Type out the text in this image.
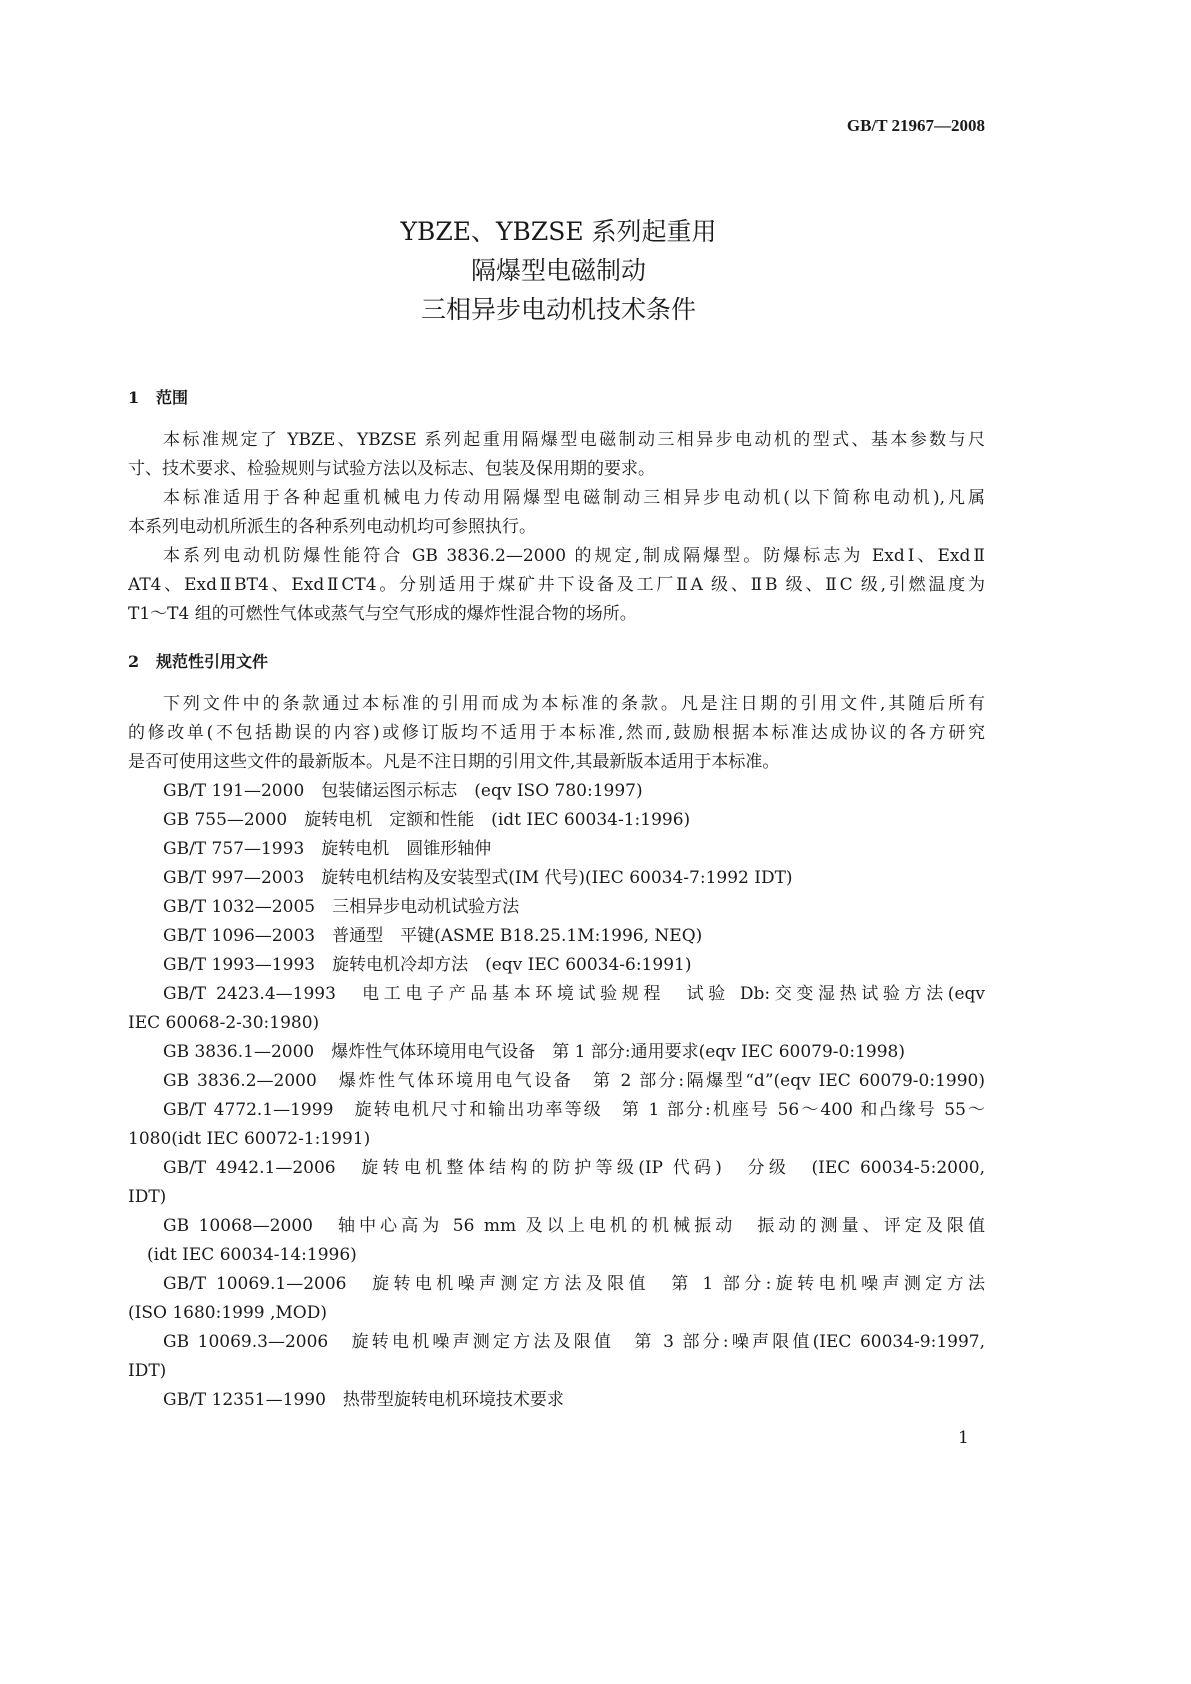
GB/T 21967—2008
YBZE、YBZSE 系列起重用
隔爆型电磁制动
三相异步电动机技术条件
1 范围
本标准规定了 YBZE、YBZSE 系列起重用隔爆型电磁制动三相异步电动机的型式、基本参数与尺
寸、技术要求、检验规则与试验方法以及标志、包装及保用期的要求。
本标准适用于各种起重机械电力传动用隔爆型电磁制动三相异步电动机(以下简称电动机),凡属
本系列电动机所派生的各种系列电动机均可参照执行。
本系列电动机防爆性能符合 GB 3836.2—2000 的规定,制成隔爆型。防爆标志为 ExdⅠ、ExdⅡ
AT4、ExdⅡBT4、ExdⅡCT4。分别适用于煤矿井下设备及工厂ⅡA 级、ⅡB 级、ⅡC 级,引燃温度为
T1～T4 组的可燃性气体或蒸气与空气形成的爆炸性混合物的场所。
2 规范性引用文件
下列文件中的条款通过本标准的引用而成为本标准的条款。凡是注日期的引用文件,其随后所有
的修改单(不包括勘误的内容)或修订版均不适用于本标准,然而,鼓励根据本标准达成协议的各方研究
是否可使用这些文件的最新版本。凡是不注日期的引用文件,其最新版本适用于本标准。
GB/T 191—2000　包装储运图示标志　(eqv ISO 780:1997)
GB 755—2000　旋转电机　定额和性能　(idt IEC 60034-1:1996)
GB/T 757—1993　旋转电机　圆锥形轴伸
GB/T 997—2003　旋转电机结构及安装型式(IM 代号)(IEC 60034-7:1992 IDT)
GB/T 1032—2005　三相异步电动机试验方法
GB/T 1096—2003　普通型　平键(ASME B18.25.1M:1996, NEQ)
GB/T 1993—1993　旋转电机冷却方法　(eqv IEC 60034-6:1991)
GB/T 2423.4—1993　电工电子产品基本环境试验规程　试验 Db:交变湿热试验方法(eqv
IEC 60068-2-30:1980)
GB 3836.1—2000　爆炸性气体环境用电气设备　第 1 部分:通用要求(eqv IEC 60079-0:1998)
GB 3836.2—2000　爆炸性气体环境用电气设备　第 2 部分:隔爆型“d”(eqv IEC 60079-0:1990)
GB/T 4772.1—1999　旋转电机尺寸和输出功率等级　第 1 部分:机座号 56～400 和凸缘号 55～
1080(idt IEC 60072-1:1991)
GB/T 4942.1—2006　旋转电机整体结构的防护等级(IP 代码)　分级　(IEC 60034-5:2000,
IDT)
GB 10068—2000　轴中心高为 56 mm 及以上电机的机械振动　振动的测量、评定及限值
(idt IEC 60034-14:1996)
GB/T 10069.1—2006　旋转电机噪声测定方法及限值　第 1 部分:旋转电机噪声测定方法
(ISO 1680:1999 ,MOD)
GB 10069.3—2006　旋转电机噪声测定方法及限值　第 3 部分:噪声限值(IEC 60034-9:1997,
IDT)
GB/T 12351—1990　热带型旋转电机环境技术要求
1
